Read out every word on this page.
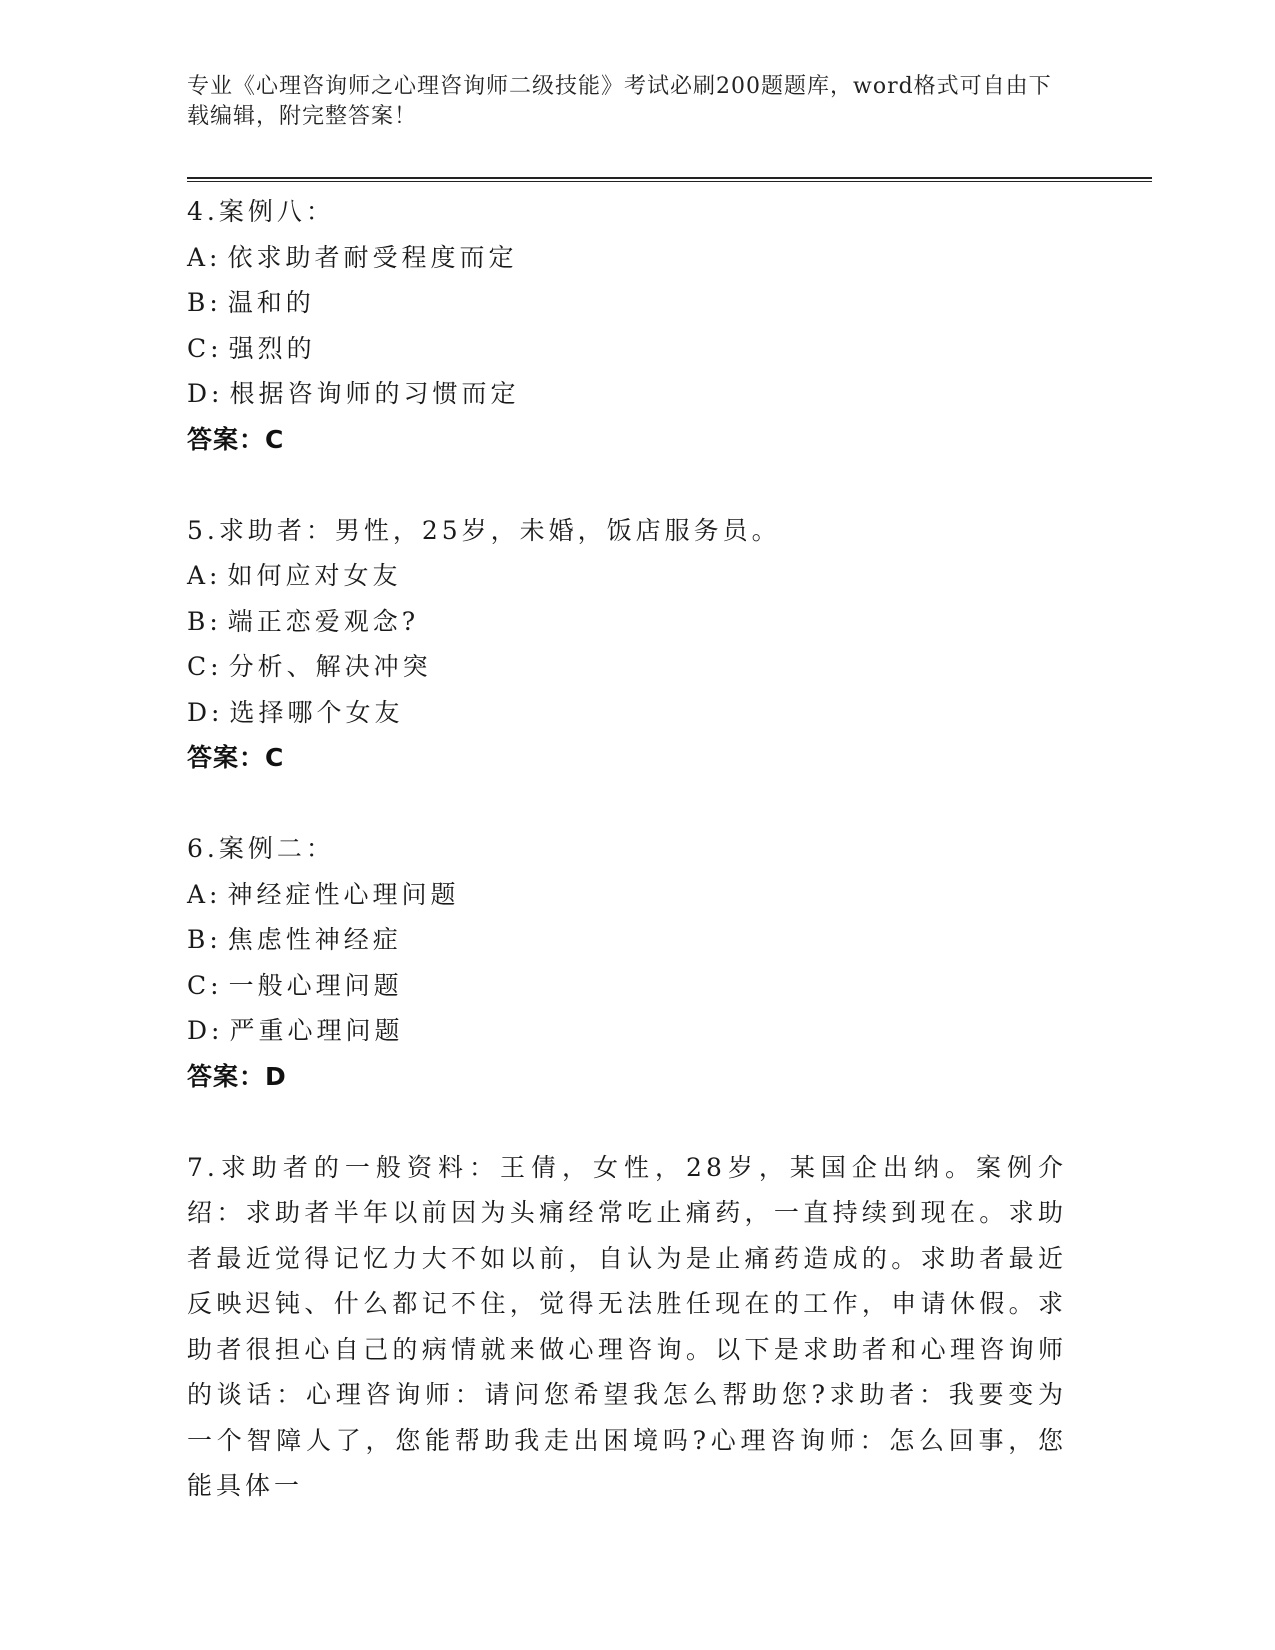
专业《心理咨询师之心理咨询师二级技能》考试必刷200题题库，word格式可自由下载编辑，附完整答案！
4.案例八：
A: 依求助者耐受程度而定
B: 温和的
C: 强烈的
D: 根据咨询师的习惯而定
答案：C
5.求助者：男性，25岁，未婚，饭店服务员。
A: 如何应对女友
B: 端正恋爱观念?
C: 分析、解决冲突
D: 选择哪个女友
答案：C
6.案例二：
A: 神经症性心理问题
B: 焦虑性神经症
C: 一般心理问题
D: 严重心理问题
答案：D
7.求助者的一般资料：王倩，女性，28岁，某国企出纳。案例介绍：求助者半年以前因为头痛经常吃止痛药，一直持续到现在。求助者最近觉得记忆力大不如以前，自认为是止痛药造成的。求助者最近反映迟钝、什么都记不住，觉得无法胜任现在的工作，申请休假。求助者很担心自己的病情就来做心理咨询。以下是求助者和心理咨询师的谈话：心理咨询师：请问您希望我怎么帮助您?求助者：我要变为一个智障人了，您能帮助我走出困境吗?心理咨询师：怎么回事，您能具体一
